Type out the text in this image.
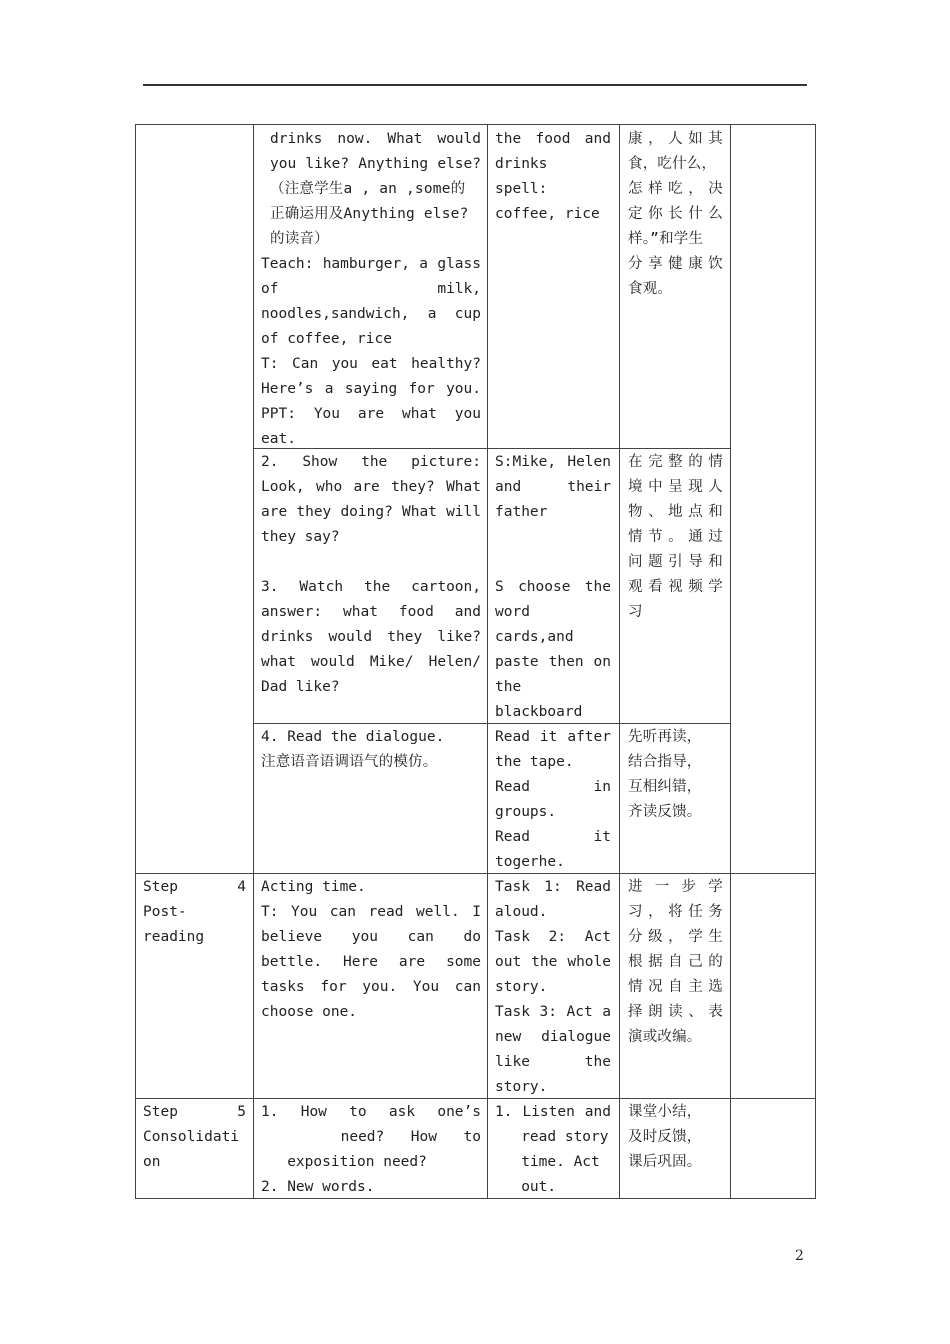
drinks now. What would
you like? Anything else?
（注意学生a , an ,some的
正确运用及Anything else?
的读音）
Teach: hamburger, a glass
of milk,
noodles,sandwich, a cup
of coffee, rice
T: Can you eat healthy?
Here’s a saying for you.
PPT: You are what you
eat.
the food and
drinks
spell:
coffee, rice
康，人如其
食，吃什么，
怎样吃，决
定你长什么
样。”和学生
分享健康饮
食观。
2. Show the picture:
Look, who are they? What
are they doing? What will
they say?
3. Watch the cartoon,
answer: what food and
drinks would they like?
what would Mike/ Helen/
Dad like?
S:Mike, Helen
and their
father
S choose the
word
cards,and
paste then on
the
blackboard
在完整的情
境中呈现人
物、地点和
情节。通过
问题引导和
观看视频学
习
4. Read the dialogue.
注意语音语调语气的模仿。
Read it after
the tape.
Read in
groups.
Read it
togerhe.
先听再读，
结合指导，
互相纠错，
齐读反馈。
Step 4
Post-
reading
Acting time.
T: You can read well. I
believe you can do
bettle. Here are some
tasks for you. You can
choose one.
Task 1: Read
aloud.
Task 2: Act
out the whole
story.
Task 3: Act a
new dialogue
like the
story.
进一步学
习，将任务
分级，学生
根据自己的
情况自主选
择朗读、表
演或改编。
Step 5
Consolidati
on
1. How to ask one’s
need? How to
exposition need?
2. New words.
1. Listen and
read story
time. Act
out.
课堂小结，
及时反馈，
课后巩固。
2
